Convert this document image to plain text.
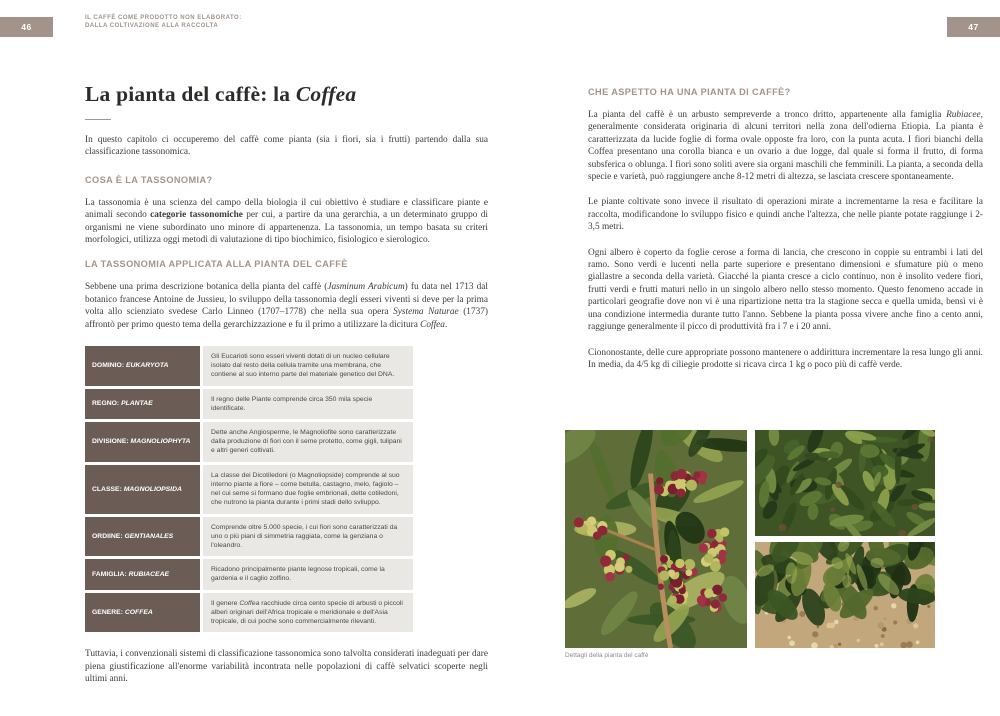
46
IL CAFFÈ COME PRODOTTO NON ELABORATO:
DALLA COLTIVAZIONE ALLA RACCOLTA	47
La pianta del caffè: la Coffea

In questo capitolo ci occuperemo del caffè come pianta (sia i fiori, sia i frutti) partendo dalla sua classificazione tassonomica.

COSA È LA TASSONOMIA?

La tassonomia è una scienza del campo della biologia il cui obiettivo è studiare e classificare piante e animali secondo categorie tassonomiche per cui, a partire da una gerarchia, a un determinato gruppo di organismi ne viene subordinato uno minore di appartenenza. La tassonomia, un tempo basata su criteri morfologici, utilizza oggi metodi di valutazione di tipo biochimico, fisiologico e sierologico.

LA TASSONOMIA APPLICATA ALLA PIANTA DEL CAFFÈ

Sebbene una prima descrizione botanica della pianta del caffè (Jasminum Arabicum) fu data nel 1713 dal botanico francese Antoine de Jussieu, lo sviluppo della tassonomia degli esseri viventi si deve per la prima volta allo scienziato svedese Carlo Linneo (1707–1778) che nella sua opera Systema Naturae (1737) affrontò per primo questo tema della gerarchizzazione e fu il primo a utilizzare la dicitura Coffea.

DOMINIO: EUKARYOTA
Gli Eucarioti sono esseri viventi dotati di un nucleo cellulare isolato dal resto della cellula tramite una membrana, che contiene al suo interno parte del materiale genetico del DNA.
REGNO: PLANTAE
Il regno delle Piante comprende circa 350 mila specie identificate.
DIVISIONE: MAGNOLIOPHYTA
Dette anche Angiosperme, le Magnoliofite sono caratterizzate dalla produzione di fiori con il seme protetto, come gigli, tulipani e altri generi coltivati.
CLASSE: MAGNOLIOPSIDA
La classe dei Dicotiledoni (o Magnoliopside) comprende al suo interno piante a fiore – come betulla, castagno, melo, fagiolo – nel cui seme si formano due foglie embrionali, dette cotiledoni, che nutrono la pianta durante i primi stadi dello sviluppo.
ORDIINE: GENTIANALES
Comprende oltre 5.000 specie, i cui fiori sono caratterizzati da uno o più piani di simmetria raggiata, come la genziana o l'oleandro.
FAMIGLIA: RUBIACEAE
Ricadono principalmente piante legnose tropicali, come la gardenia e il caglio zolfino.
GENERE: COFFEA
Il genere Coffea racchiude circa cento specie di arbusti o piccoli alberi originari dell'Africa tropicale e meridionale e dell'Asia tropicale, di cui poche sono commercialmente rilevanti.

Tuttavia, i convenzionali sistemi di classificazione tassonomica sono talvolta considerati inadeguati per dare piena giustificazione all'enorme variabilità incontrata nelle popolazioni di caffè selvatici scoperte negli ultimi anni.

CHE ASPETTO HA UNA PIANTA DI CAFFÈ?

La pianta del caffè è un arbusto sempreverde a tronco dritto, appartenente alla famiglia Rubiacee, generalmente considerata originaria di alcuni territori nella zona dell'odierna Etiopia. La pianta è caratterizzata da lucide foglie di forma ovale opposte fra loro, con la punta acuta. I fiori bianchi della Coffea presentano una corolla bianca e un ovario a due logge, dal quale si forma il frutto, di forma subsferica o oblunga. I fiori sono soliti avere sia organi maschili che femminili. La pianta, a seconda della specie e varietà, può raggiungere anche 8-12 metri di altezza, se lasciata crescere spontaneamente.

Le piante coltivate sono invece il risultato di operazioni mirate a incrementarne la resa e facilitare la raccolta, modificandone lo sviluppo fisico e quindi anche l'altezza, che nelle piante potate raggiunge i 2-3,5 metri.

Ogni albero è coperto da foglie cerose a forma di lancia, che crescono in coppie su entrambi i lati del ramo. Sono verdi e lucenti nella parte superiore e presentano dimensioni e sfumature più o meno giallastre a seconda della varietà. Giacché la pianta cresce a ciclo continuo, non è insolito vedere fiori, frutti verdi e frutti maturi nello in un singolo albero nello stesso momento. Questo fenomeno accade in particolari geografie dove non vi è una ripartizione netta tra la stagione secca e quella umida, bensì vi è una condizione intermedia durante tutto l'anno. Sebbene la pianta possa vivere anche fino a cento anni, raggiunge generalmente il picco di produttività fra i 7 e i 20 anni.

Ciononostante, delle cure appropriate possono mantenere o addirittura incrementare la resa lungo gli anni. In media, da 4/5 kg di ciliegie prodotte si ricava circa 1 kg o poco più di caffè verde.

Dettagli della pianta del caffè
